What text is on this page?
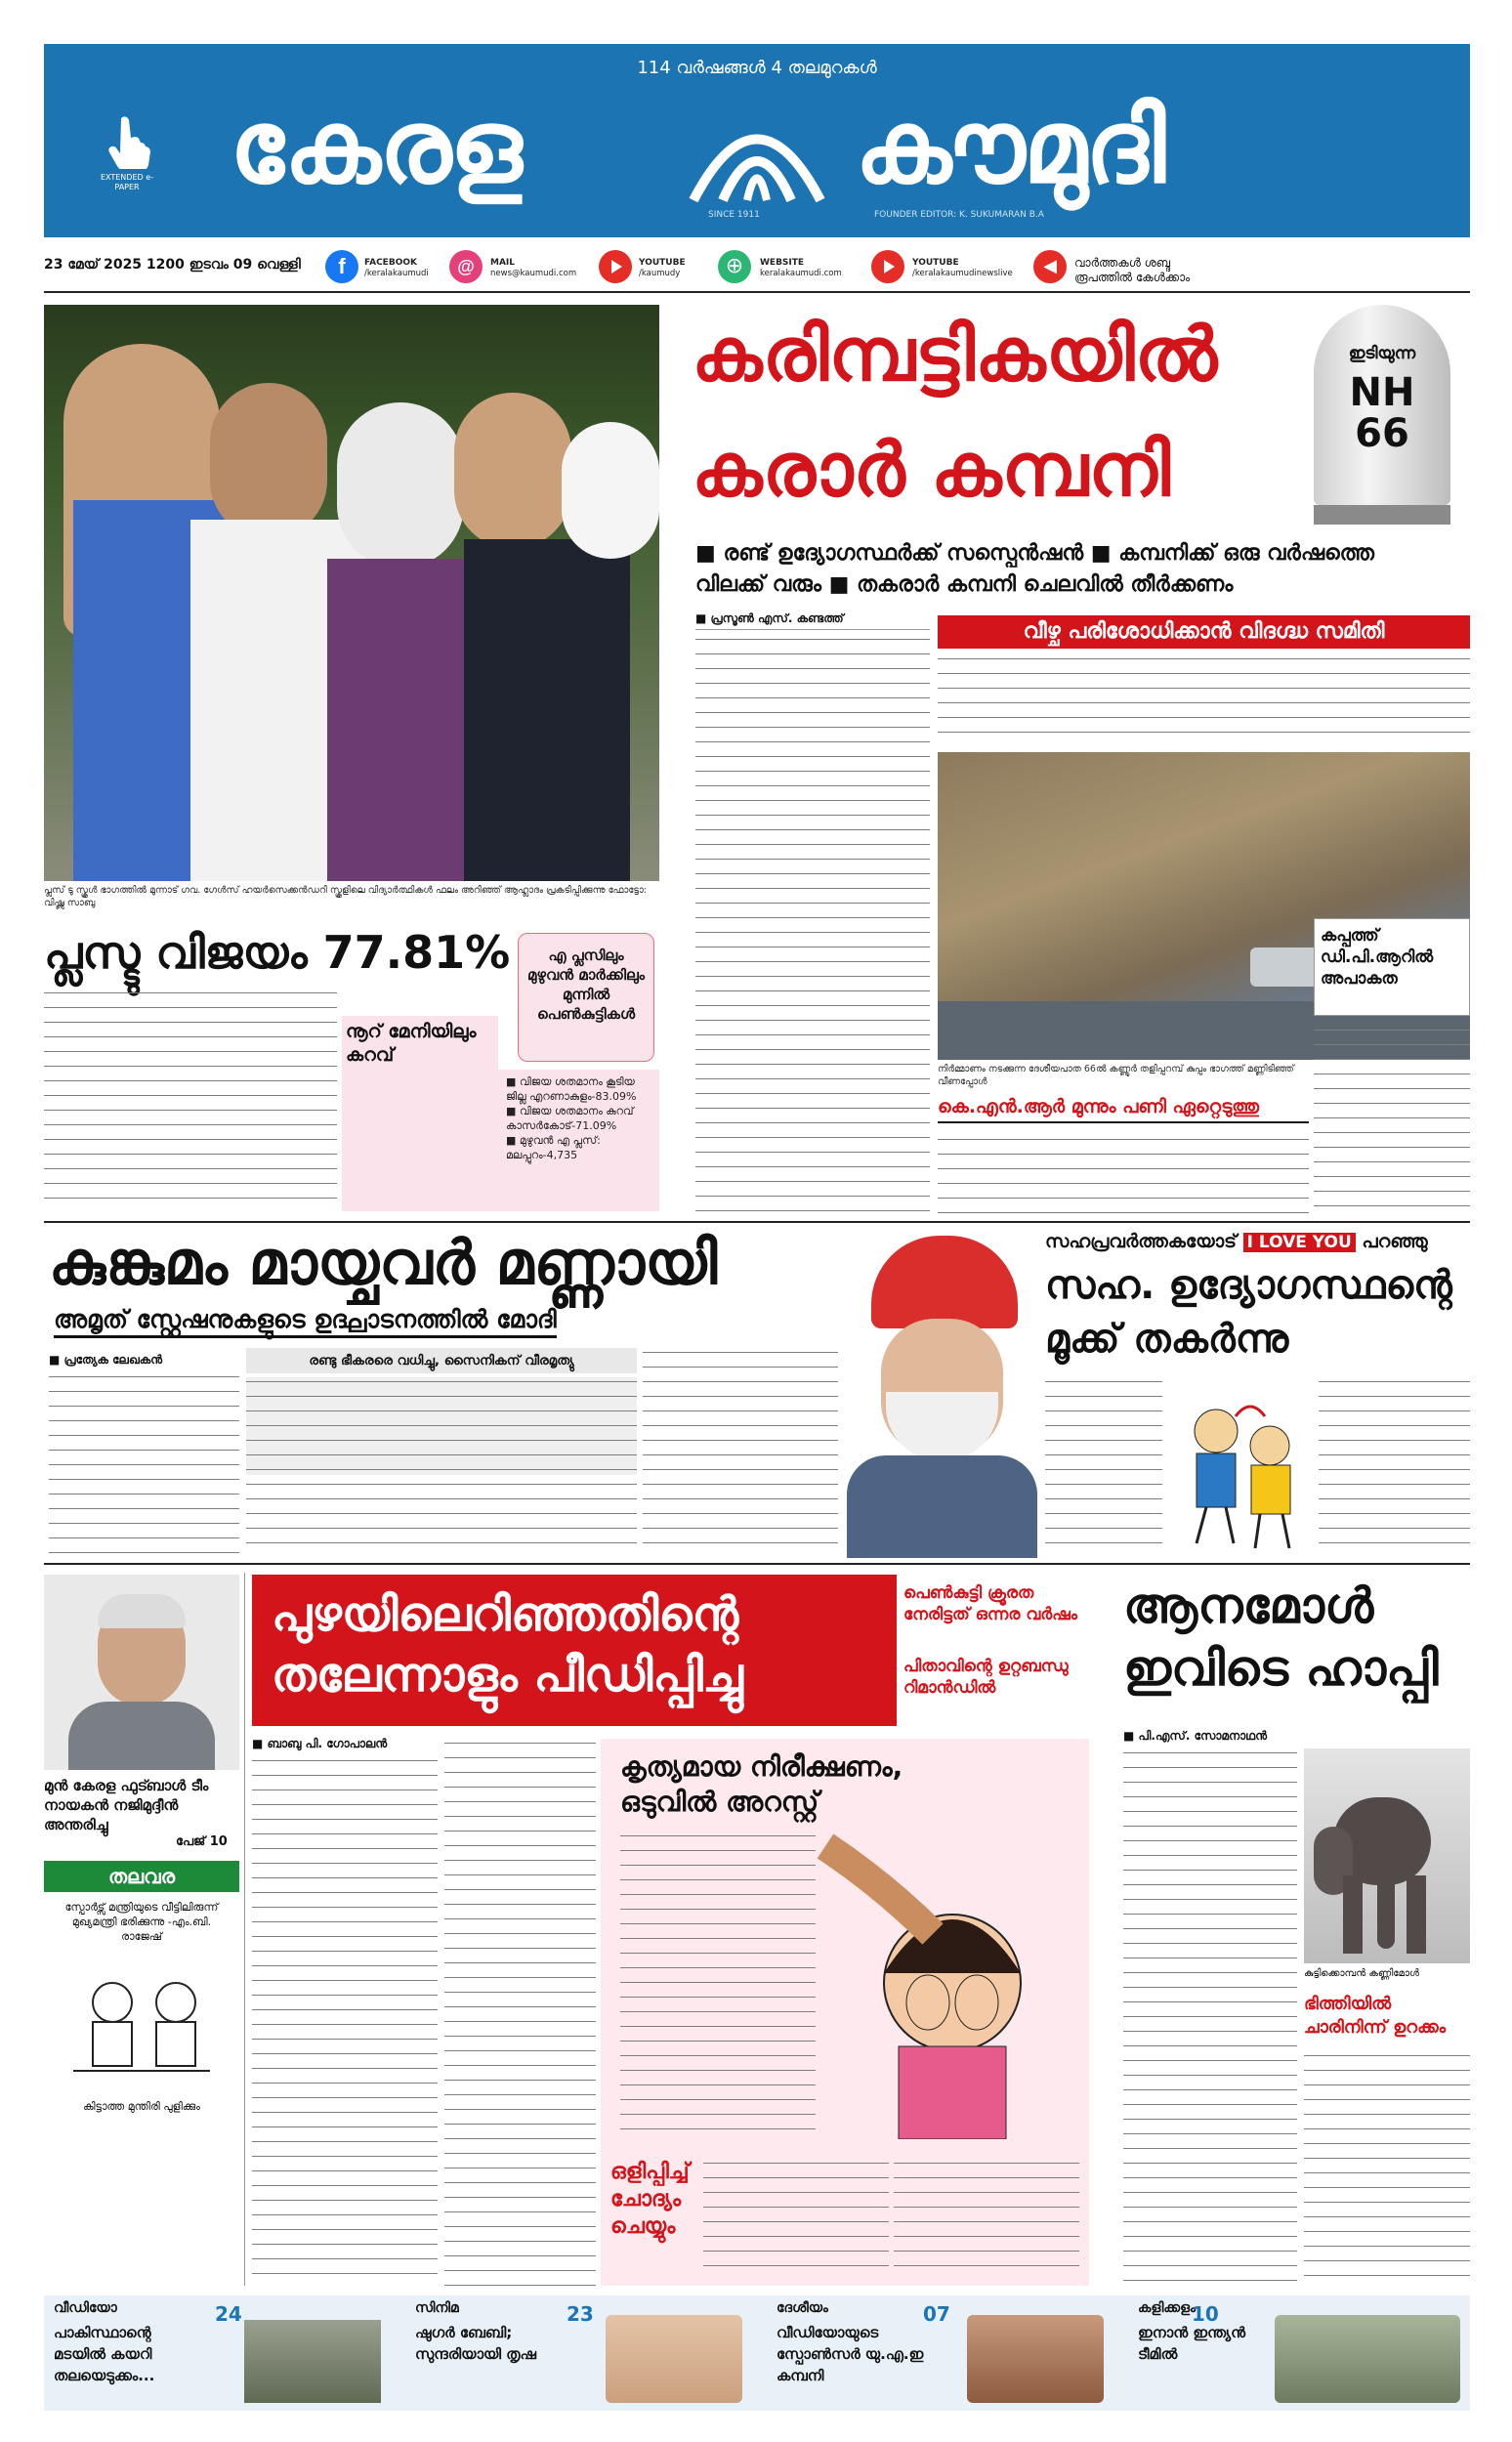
114 വർഷങ്ങൾ 4 തലമുറകൾ
EXTENDED e-PAPER കേരള	കൗമുദി
SINCE 1911	FOUNDER EDITOR: K. SUKUMARAN B.A
23 മേയ് 2025 1200 ഇടവം 09 വെള്ളി	f	FACEBOOK
/keralakaumudi	@	MAIL
news@kaumudi.com
YOUTUBE
/kaumudy	⊕	WEBSITE
keralakaumudi.com
YOUTUBE
/keralakaumudinewslive	◀	വാർത്തകൾ ശബ്ദ രൂപത്തിൽ കേൾക്കാം
പ്ലസ് ടു സ്കൂൾ ഭാഗത്തിൽ മുന്നാട് ഗവ. ഗേൾസ് ഹയർസെക്കൻഡറി സ്കൂളിലെ വിദ്യാർത്ഥികൾ ഫലം അറിഞ്ഞ് ആഹ്ലാദം പ്രകടിപ്പിക്കുന്നു ഫോട്ടോ: വിഷ്ണു സാബു
കരിമ്പട്ടികയിൽ
കരാർ കമ്പനി
ഇടിയുന്ന
NH
66
■ രണ്ട് ഉദ്യോഗസ്ഥർക്ക് സസ്പെൻഷൻ ■ കമ്പനിക്ക് ഒരു വർഷത്തെ
വിലക്ക് വരും ■ തകരാർ കമ്പനി ചെലവിൽ തീർക്കണം
■ പ്രസൂൺ എസ്. കണ്ടത്ത്
വീഴ്ച പരിശോധിക്കാൻ വിദഗ്ദ്ധ സമിതി
കപ്പത്ത് ഡി.പി.ആറിൽ അപാകത
നിർമ്മാണം നടക്കുന്ന ദേശീയപാത 66ൽ കണ്ണൂർ തളിപ്പറമ്പ് കുപ്പം ഭാഗത്ത് മണ്ണിടിഞ്ഞ് വീണപ്പോൾ
കെ.എൻ.ആർ മുന്നും പണി ഏറ്റെടുത്തു
പ്ലസ്ടു വിജയം 77.81%	എ പ്ലസിലും മുഴുവൻ മാർക്കിലും മുന്നിൽ പെൺകുട്ടികൾ
നൂറ് മേനിയിലും കറവ്
■ വിജയ ശതമാനം കൂടിയ ജില്ല എറണാകുളം-83.09%
■ വിജയ ശതമാനം കുറവ് കാസർകോട്-71.09%
■ മുഴുവൻ എ പ്ലസ്: മലപ്പുറം-4,735
കുങ്കുമം മായ്ചവർ മണ്ണായി
അമൃത് സ്റ്റേഷനുകളുടെ ഉദ്ഘാടനത്തിൽ മോദി
■ പ്രത്യേക ലേഖകൻ	രണ്ടു ഭീകരരെ വധിച്ചു, സൈനികന് വീരമൃത്യു
സഹപ്രവർത്തകയോട് I LOVE YOU പറഞ്ഞു
സഹ. ഉദ്യോഗസ്ഥന്റെ
മൂക്ക് തകർന്നു
മുൻ കേരള ഫുട്ബാൾ ടീം നായകൻ നജിമുദ്ദീൻ അന്തരിച്ചു
പേജ് 10
തലവര
സ്പോർട്സ് മന്ത്രിയുടെ വീട്ടിലിരുന്ന് മുഖ്യമന്ത്രി ഭരിക്കുന്നു -എം.ബി. രാജേഷ്
കിട്ടാത്ത മുന്തിരി പുളിക്കും
പുഴയിലെറിഞ്ഞതിന്റെ
തലേന്നാളും പീഡിപ്പിച്ചു
പെൺകുട്ടി ക്രൂരത നേരിട്ടത് ഒന്നര വർഷം
പിതാവിന്റെ ഉറ്റബന്ധു റിമാൻഡിൽ
■ ബാബു പി. ഗോപാലൻ
കൃത്യമായ നിരീക്ഷണം,
ഒടുവിൽ അറസ്റ്റ്
ഒളിപ്പിച്ച് ചോദ്യം ചെയ്യും
ആനമോൾ
ഇവിടെ ഹാപ്പി
■ പി.എസ്. സോമനാഥൻ
കുട്ടിക്കൊമ്പൻ കണ്ണിമോൾ
ഭിത്തിയിൽ ചാരിനിന്ന് ഉറക്കം
വീഡിയോ
പാകിസ്ഥാന്റെ മടയിൽ കയറി തലയെടുക്കം...
24	സിനിമ
ഷുഗർ ബേബി; സുന്ദരിയായി തൃഷ
23	ദേശീയം
വീഡിയോയുടെ സ്പോൺസർ യു.എ.ഇ കമ്പനി
07	കളിക്കളം
ഇനാൻ ഇന്ത്യൻ ടീമിൽ
10
